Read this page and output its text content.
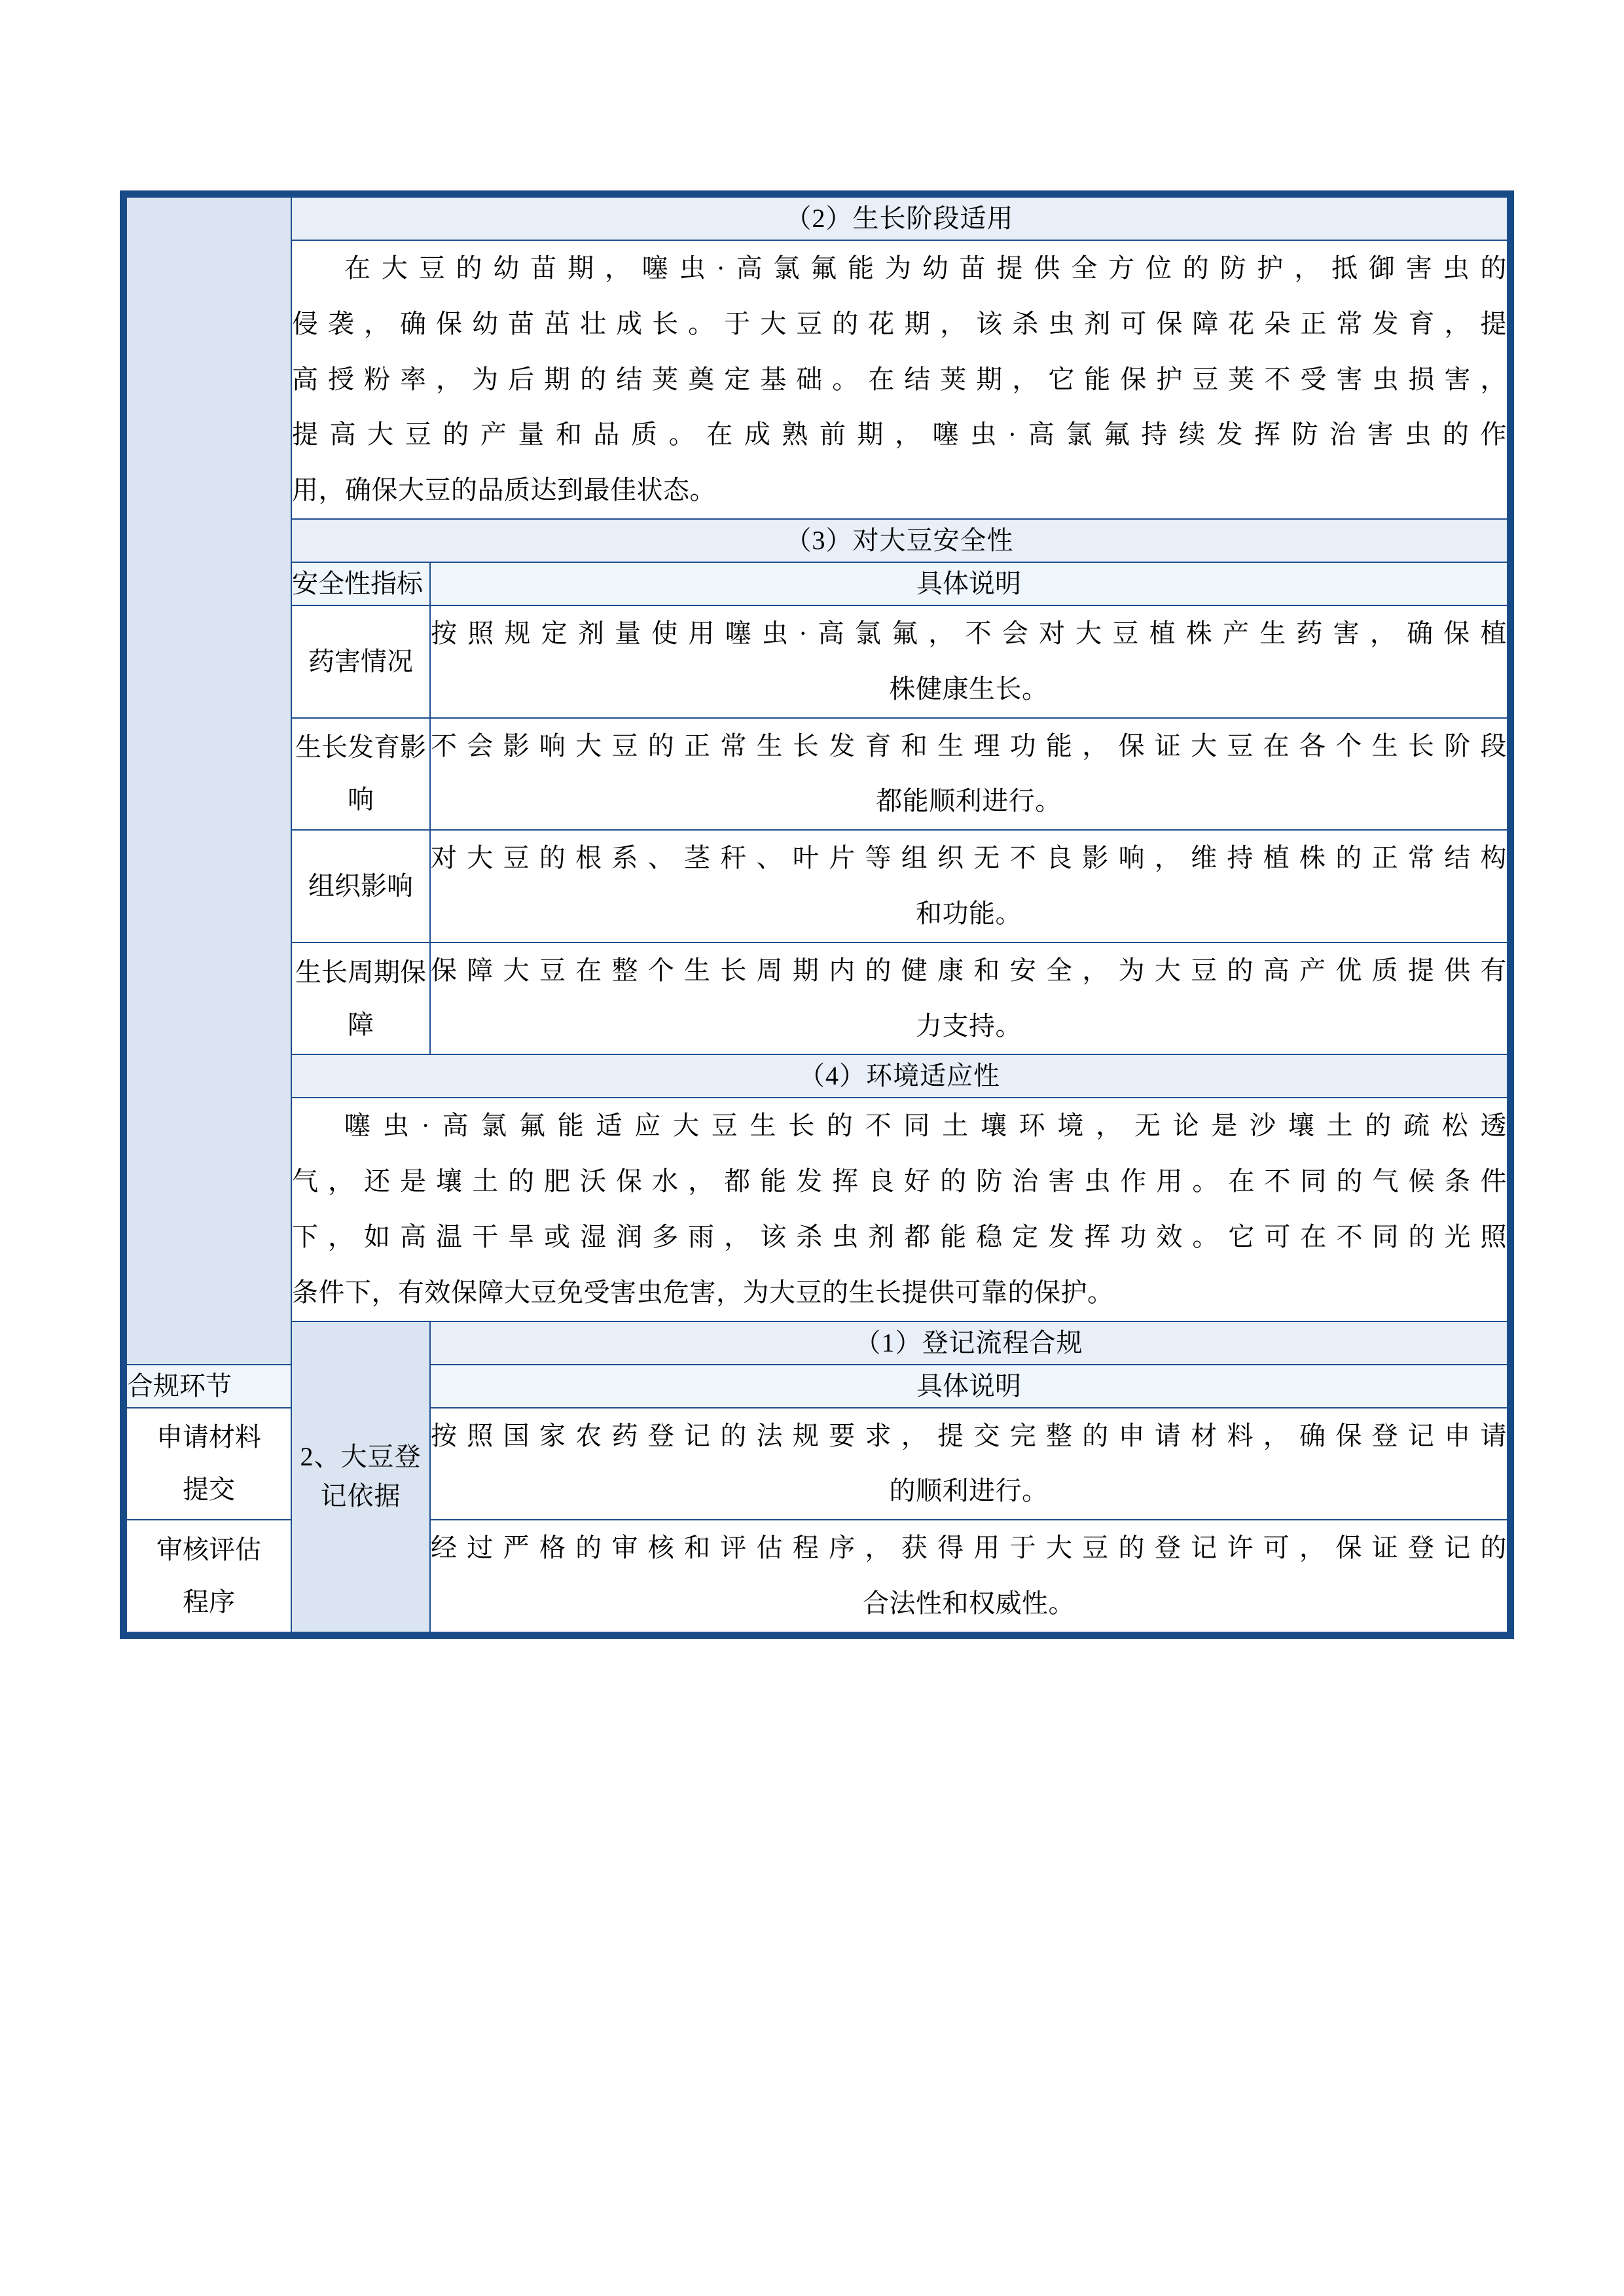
	（2）生长阶段适用	

	在大豆的幼苗期，噻虫·高氯氟能为幼苗提供全方位的防护，抵御害虫的
侵袭，确保幼苗茁壮成长。于大豆的花期，该杀虫剂可保障花朵正常发育，提
高授粉率，为后期的结荚奠定基础。在结荚期，它能保护豆荚不受害虫损害，
提高大豆的产量和品质。在成熟前期，噻虫·高氯氟持续发挥防治害虫的作
用，确保大豆的品质达到最佳状态。	

	（3）对大豆安全性	
	安全性指标	具体说明
	药害情况	按照规定剂量使用噻虫·高氯氟，不会对大豆植株产生药害，确保植
株健康生长。

	生长发育影响	不会影响大豆的正常生长发育和生理功能，保证大豆在各个生长阶段
都能顺利进行。

	组织影响	对大豆的根系、茎秆、叶片等组织无不良影响，维持植株的正常结构
和功能。

	生长周期保障	保障大豆在整个生长周期内的健康和安全，为大豆的高产优质提供有
力支持。

	（4）环境适应性	

	噻虫·高氯氟能适应大豆生长的不同土壤环境，无论是沙壤土的疏松透
气，还是壤土的肥沃保水，都能发挥良好的防治害虫作用。在不同的气候条件
下，如高温干旱或湿润多雨，该杀虫剂都能稳定发挥功效。它可在不同的光照
条件下，有效保障大豆免受害虫危害，为大豆的生长提供可靠的保护。	

	2、大豆登
记依据	（1）登记流程合规
合规环节		具体说明
申请材料
提交		按照国家农药登记的法规要求，提交完整的申请材料，确保登记申请
的顺利进行。

审核评估
程序		经过严格的审核和评估程序，获得用于大豆的登记许可，保证登记的
合法性和权威性。
